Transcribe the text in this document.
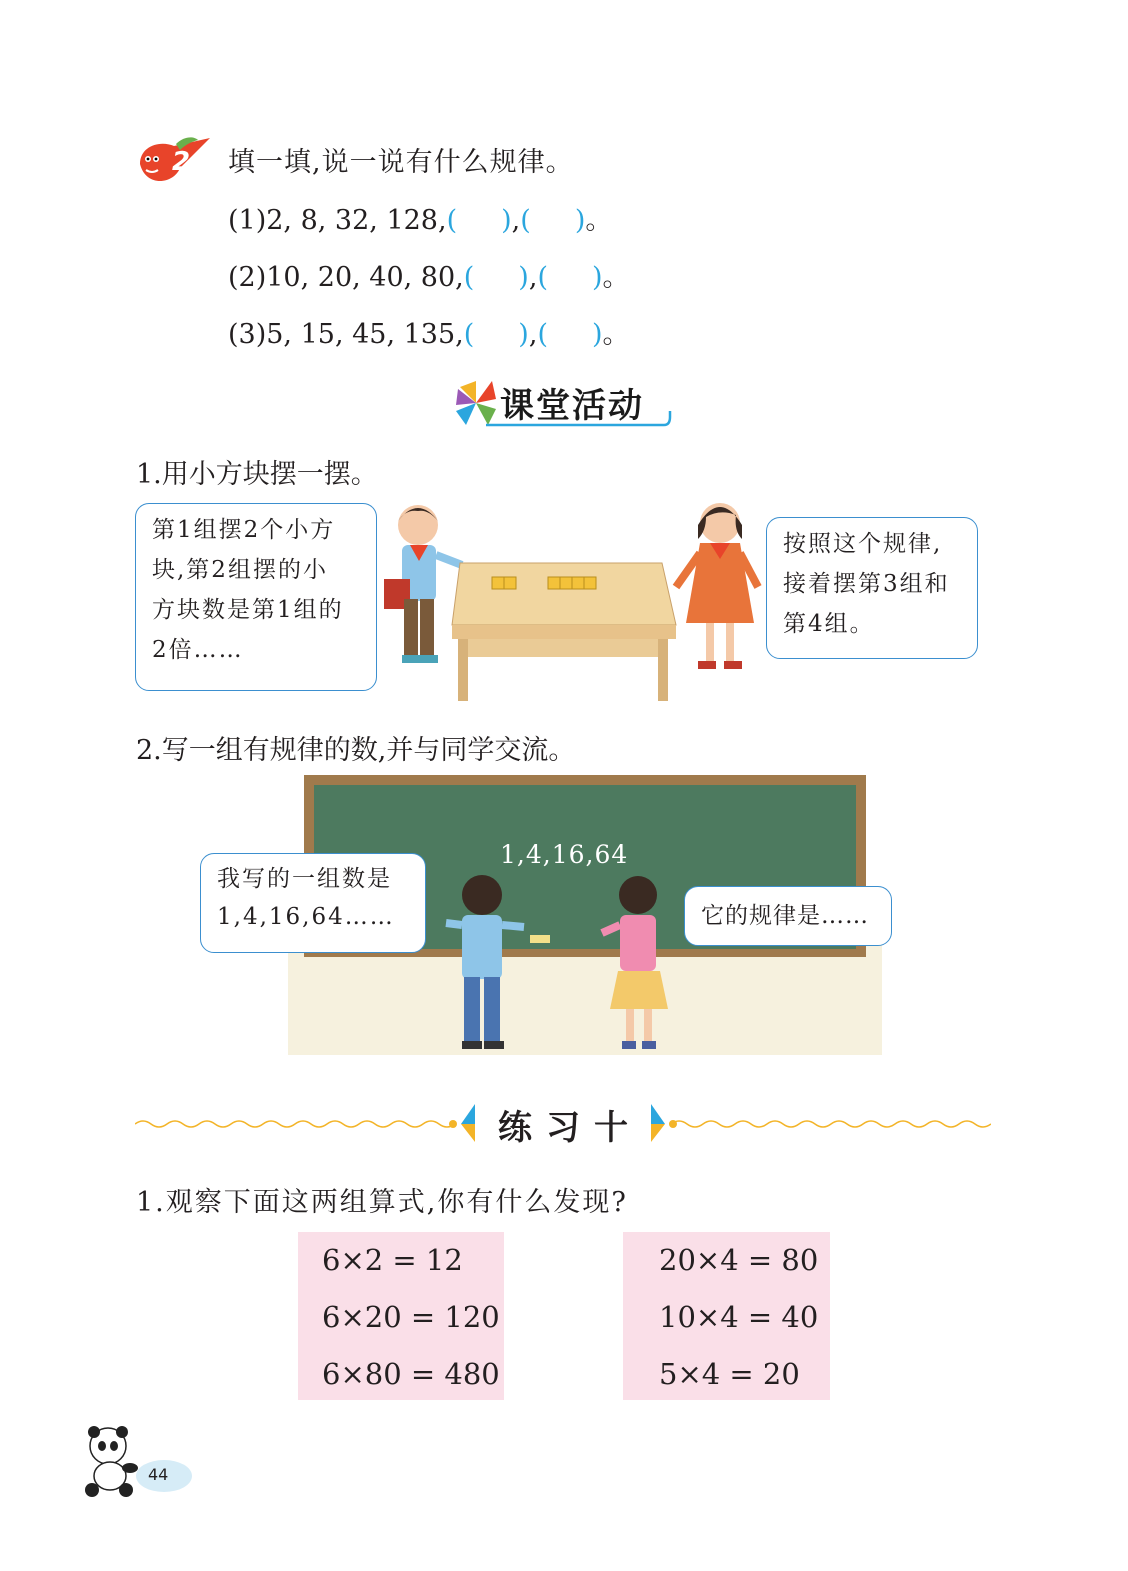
2 填一填,说一说有什么规律。
(1)2, 8, 32, 128,( ),( )。
(2)10, 20, 40, 80,( ),( )。
(3)5, 15, 45, 135,( ),( )。
课堂活动
1.用小方块摆一摆。
第1组摆2个小方
块,第2组摆的小
方块数是第1组的
2倍……
按照这个规律,
接着摆第3组和
第4组。
2.写一组有规律的数,并与同学交流。
1,4,16,64
我写的一组数是
1,4,16,64……	它的规律是……
练习十
1.观察下面这两组算式,你有什么发现?
6×2 = 12
6×20 = 120
6×80 = 480
20×4 = 80
10×4 = 40
5×4 = 20
44
